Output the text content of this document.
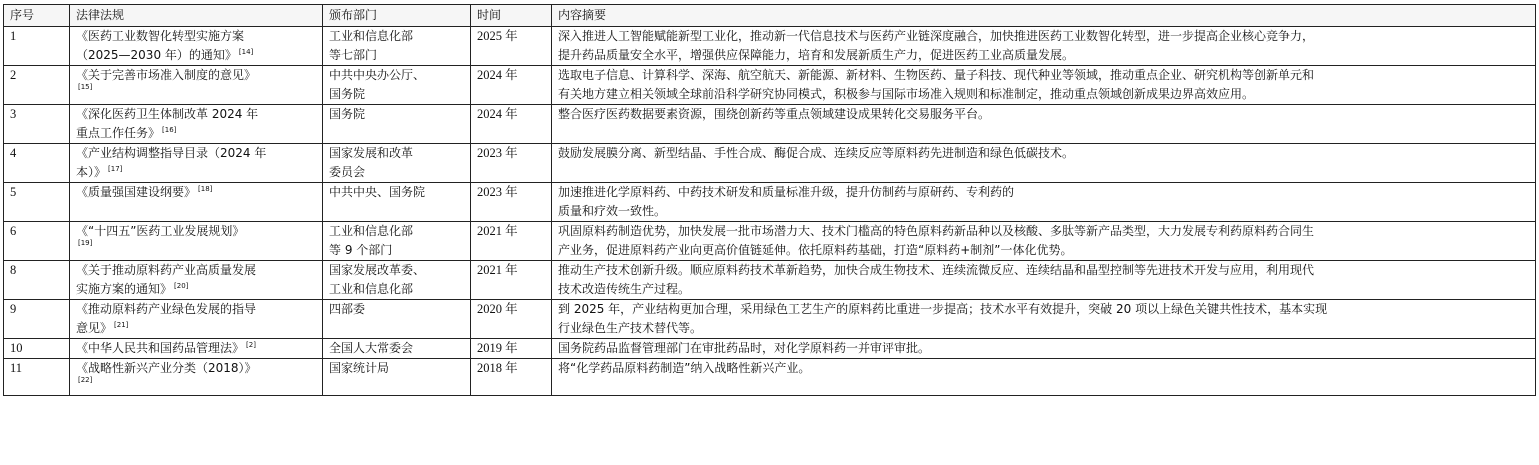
序号	法律法规	颁布部门	时间	内容摘要
1	《医药工业数智化转型实施方案
（2025—2030 年）的通知》 [14]	工业和信息化部
等七部门	2025 年	深入推进人工智能赋能新型工业化，推动新一代信息技术与医药产业链深度融合，加快推进医药工业数智化转型，进一步提高企业核心竞争力，
提升药品质量安全水平，增强供应保障能力，培育和发展新质生产力，促进医药工业高质量发展。

2	《关于完善市场准入制度的意见》
[15]	中共中央办公厅、
国务院	2024 年	选取电子信息、计算科学、深海、航空航天、新能源、新材料、生物医药、量子科技、现代种业等领域，推动重点企业、研究机构等创新单元和
有关地方建立相关领域全球前沿科学研究协同模式，积极参与国际市场准入规则和标准制定，推动重点领域创新成果边界高效应用。

3	《深化医药卫生体制改革 2024 年
重点工作任务》 [16]	国务院	2024 年	整合医疗医药数据要素资源，围绕创新药等重点领域建设成果转化交易服务平台。

4	《产业结构调整指导目录（2024 年
本）》 [17]	国家发展和改革
委员会	2023 年	鼓励发展膜分离、新型结晶、手性合成、酶促合成、连续反应等原料药先进制造和绿色低碳技术。

5	《质量强国建设纲要》 [18]	中共中央、国务院	2023 年	加速推进化学原料药、中药技术研发和质量标准升级，提升仿制药与原研药、专利药的
质量和疗效一致性。

6	《“十四五”医药工业发展规划》
[19]	工业和信息化部
等 9 个部门	2021 年	巩固原料药制造优势，加快发展一批市场潜力大、技术门槛高的特色原料药新品种以及核酸、多肽等新产品类型，大力发展专利药原料药合同生
产业务，促进原料药产业向更高价值链延伸。依托原料药基础，打造“原料药+制剂”一体化优势。

8	《关于推动原料药产业高质量发展
实施方案的通知》 [20]	国家发展改革委、
工业和信息化部	2021 年	推动生产技术创新升级。顺应原料药技术革新趋势，加快合成生物技术、连续流微反应、连续结晶和晶型控制等先进技术开发与应用，利用现代
技术改造传统生产过程。

9	《推动原料药产业绿色发展的指导
意见》 [21]	四部委	2020 年	到 2025 年，产业结构更加合理，采用绿色工艺生产的原料药比重进一步提高；技术水平有效提升，突破 20 项以上绿色关键共性技术，基本实现
行业绿色生产技术替代等。

10	《中华人民共和国药品管理法》 [2]	全国人大常委会	2019 年	国务院药品监督管理部门在审批药品时，对化学原料药一并审评审批。

11	《战略性新兴产业分类（2018）》
[22]	国家统计局	2018 年	将“化学药品原料药制造”纳入战略性新兴产业。
